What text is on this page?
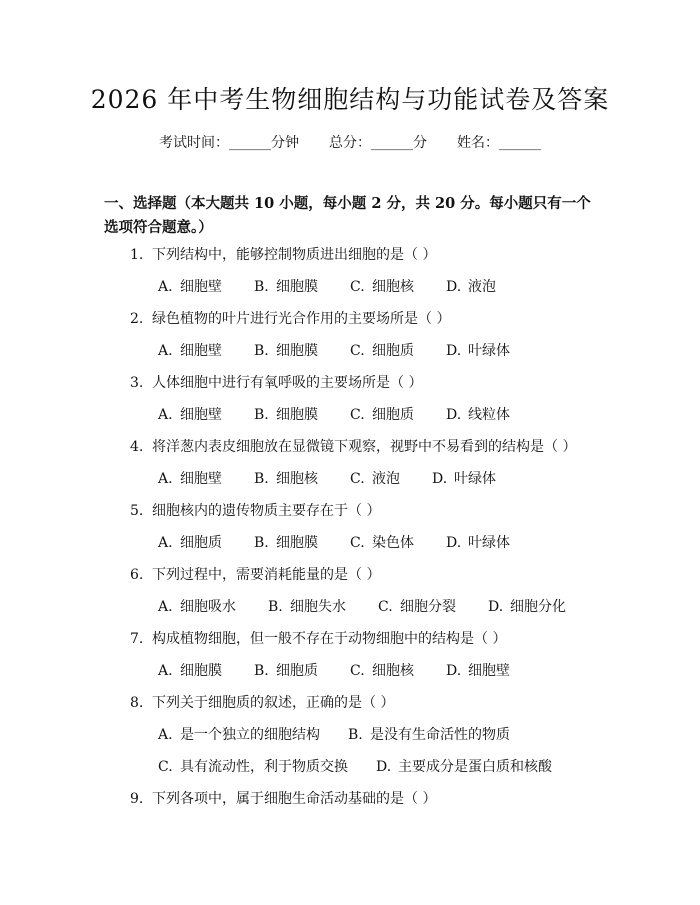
2026 年中考生物细胞结构与功能试卷及答案
考试时间：______分钟 总分：______分 姓名：______
一、选择题（本大题共 10 小题，每小题 2 分，共 20 分。每小题只有一个选项符合题意。）
1. 下列结构中，能够控制物质进出细胞的是（ ）
A. 细胞壁 B. 细胞膜 C. 细胞核 D. 液泡
2. 绿色植物的叶片进行光合作用的主要场所是（ ）
A. 细胞壁 B. 细胞膜 C. 细胞质 D. 叶绿体
3. 人体细胞中进行有氧呼吸的主要场所是（ ）
A. 细胞壁 B. 细胞膜 C. 细胞质 D. 线粒体
4. 将洋葱内表皮细胞放在显微镜下观察，视野中不易看到的结构是（ ）
A. 细胞壁 B. 细胞核 C. 液泡 D. 叶绿体
5. 细胞核内的遗传物质主要存在于（ ）
A. 细胞质 B. 细胞膜 C. 染色体 D. 叶绿体
6. 下列过程中，需要消耗能量的是（ ）
A. 细胞吸水 B. 细胞失水 C. 细胞分裂 D. 细胞分化
7. 构成植物细胞，但一般不存在于动物细胞中的结构是（ ）
A. 细胞膜 B. 细胞质 C. 细胞核 D. 细胞壁
8. 下列关于细胞质的叙述，正确的是（ ）
A. 是一个独立的细胞结构 B. 是没有生命活性的物质
C. 具有流动性，利于物质交换 D. 主要成分是蛋白质和核酸
9. 下列各项中，属于细胞生命活动基础的是（ ）
